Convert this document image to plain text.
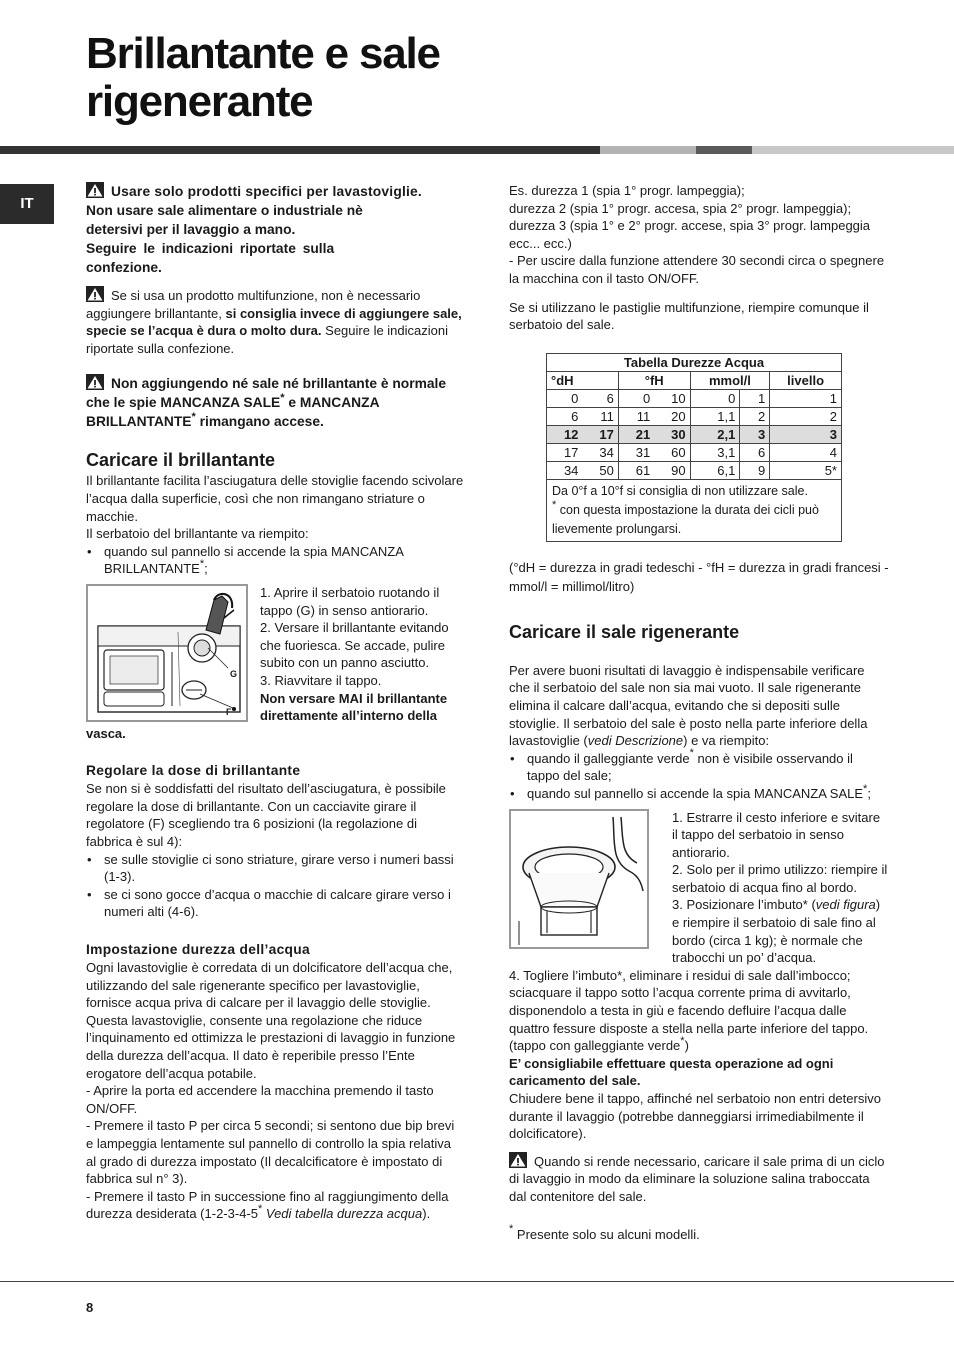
Brillantante e sale
rigenerante
IT
Usare solo prodotti specifici per lavastoviglie.
Non usare sale alimentare o industriale nè
detersivi per il lavaggio a mano.
Seguire le indicazioni riportate sulla
confezione.

Se si usa un prodotto multifunzione, non è necessario aggiungere brillantante, si consiglia invece di aggiungere sale, specie se l’acqua è dura o molto dura. Seguire le indicazioni riportate sulla confezione.

Non aggiungendo né sale né brillantante è normale che le spie MANCANZA SALE* e MANCANZA BRILLANTANTE* rimangano accese.
Caricare il brillantante

Il brillantante facilita l’asciugatura delle stoviglie facendo scivolare l’acqua dalla superficie, così che non rimangano striature o macchie.

Il serbatoio del brillantante va riempito:

• quando sul pannello si accende la spia MANCANZA BRILLANTANTE*;
G
F

1. Aprire il serbatoio ruotando il tappo (G) in senso antiorario.

2. Versare il brillantante evitando che fuoriesca. Se accade, pulire subito con un panno asciutto.

3. Riavvitare il tappo.

Non versare MAI il brillantante direttamente all’interno della

vasca.

Regolare la dose di brillantante

Se non si è soddisfatti del risultato dell’asciugatura, è possibile regolare la dose di brillantante. Con un cacciavite girare il regolatore (F) scegliendo tra 6 posizioni (la regolazione di fabbrica è sul 4):

• se sulle stoviglie ci sono striature, girare verso i numeri bassi (1-3).
• se ci sono gocce d’acqua o macchie di calcare girare verso i numeri alti (4-6).
Impostazione durezza dell’acqua

Ogni lavastoviglie è corredata di un dolcificatore dell’acqua che, utilizzando del sale rigenerante specifico per lavastoviglie, fornisce acqua priva di calcare per il lavaggio delle stoviglie.

Questa lavastoviglie, consente una regolazione che riduce l’inquinamento ed ottimizza le prestazioni di lavaggio in funzione della durezza dell’acqua. Il dato è reperibile presso l’Ente erogatore dell’acqua potabile.

- Aprire la porta ed accendere la macchina premendo il tasto ON/OFF.

- Premere il tasto P per circa 5 secondi; si sentono due bip brevi e lampeggia lentamente sul pannello di controllo la spia relativa al grado di durezza impostato (Il decalcificatore è impostato di fabbrica sul n° 3).

- Premere il tasto P in successione fino al raggiungimento della durezza desiderata (1-2-3-4-5* Vedi tabella durezza acqua).

Es. durezza 1 (spia 1° progr. lampeggia);

durezza 2 (spia 1° progr. accesa, spia 2° progr. lampeggia);

durezza 3 (spia 1° e 2° progr. accese, spia 3° progr. lampeggia ecc... ecc.)

- Per uscire dalla funzione attendere 30 secondi circa o spegnere la macchina con il tasto ON/OFF.

Se si utilizzano le pastiglie multifunzione, riempire comunque il serbatoio del sale.

Tabella Durezze Acqua						
°dH		°fH		mmol/l		livello
0	6	0	10	0	1	1
6	11	11	20	1,1	2	2
12	17	21	30	2,1	3	3
17	34	31	60	3,1	6	4
34	50	61	90	6,1	9	5*
Da 0°f a 10°f si consiglia di non utilizzare sale.
* con questa impostazione la durata dei cicli può lievemente prolungarsi.						

(°dH = durezza in gradi tedeschi - °fH = durezza in gradi francesi - mmol/l = millimol/litro)

Caricare il sale rigenerante

Per avere buoni risultati di lavaggio è indispensabile verificare che il serbatoio del sale non sia mai vuoto. Il sale rigenerante elimina il calcare dall’acqua, evitando che si depositi sulle stoviglie. Il serbatoio del sale è posto nella parte inferiore della lavastoviglie (vedi Descrizione) e va riempito:

• quando il galleggiante verde* non è visibile osservando il tappo del sale;
• quando sul pannello si accende la spia MANCANZA SALE*;

1. Estrarre il cesto inferiore e svitare il tappo del serbatoio in senso antiorario.

2. Solo per il primo utilizzo: riempire il serbatoio di acqua fino al bordo.

3. Posizionare l’imbuto* (vedi figura) e riempire il serbatoio di sale fino al bordo (circa 1 kg); è normale che trabocchi un po’ d’acqua.

4. Togliere l’imbuto*, eliminare i residui di sale dall’imbocco; sciacquare il tappo sotto l’acqua corrente prima di avvitarlo, disponendolo a testa in giù e facendo defluire l’acqua dalle quattro fessure disposte a stella nella parte inferiore del tappo. (tappo con galleggiante verde*)

E’ consigliabile effettuare questa operazione ad ogni caricamento del sale.

Chiudere bene il tappo, affinché nel serbatoio non entri detersivo durante il lavaggio (potrebbe danneggiarsi irrimediabilmente il dolcificatore).

Quando si rende necessario, caricare il sale prima di un ciclo di lavaggio in modo da eliminare la soluzione salina traboccata dal contenitore del sale.

* Presente solo su alcuni modelli.

8
